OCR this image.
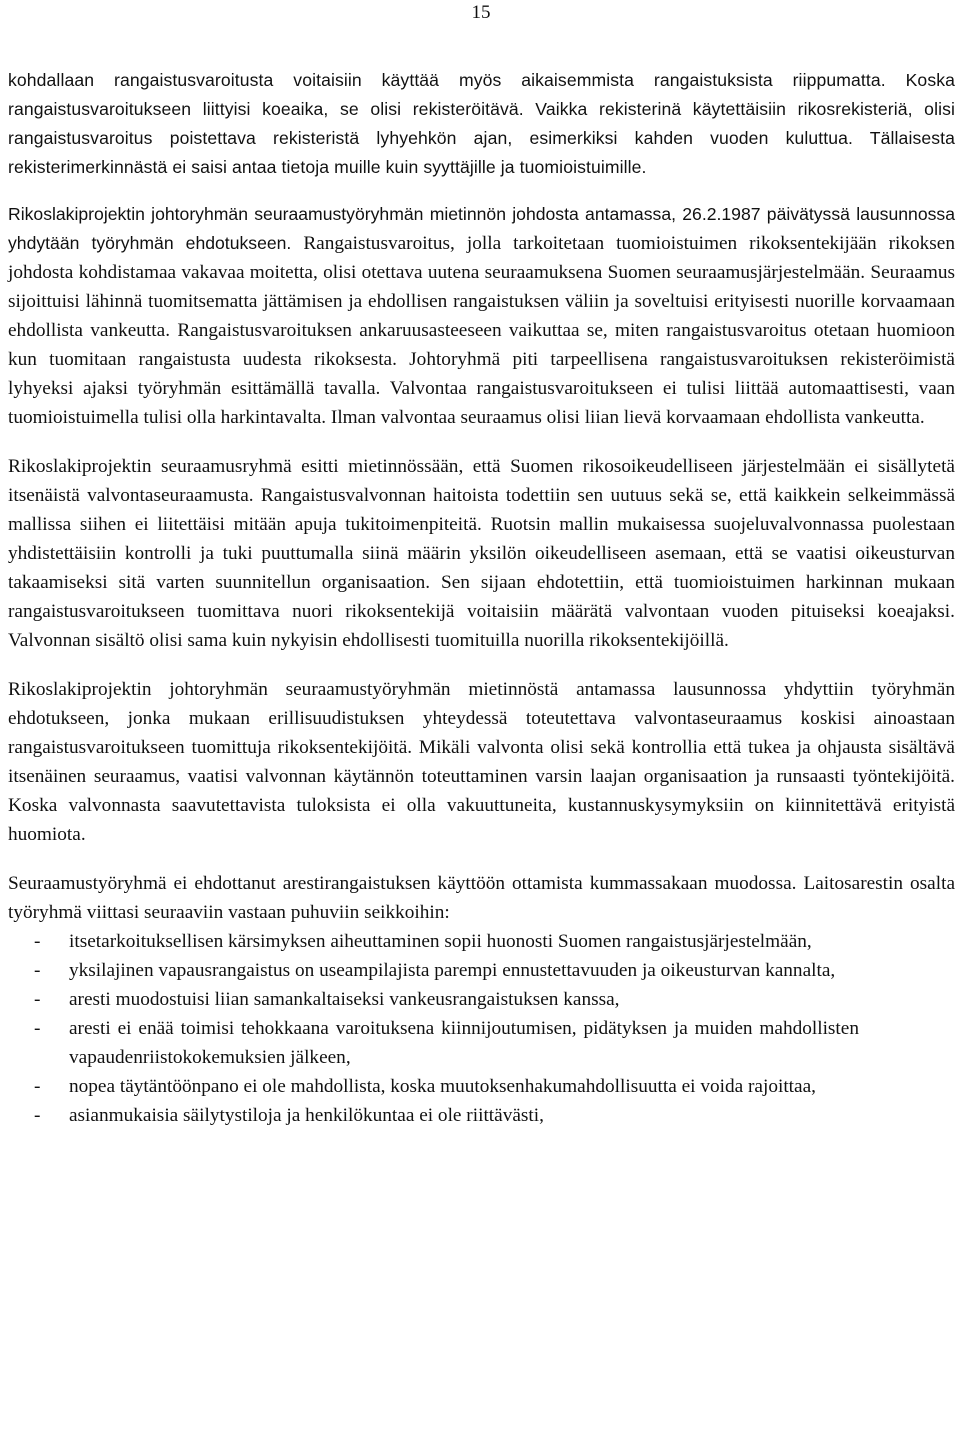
15

kohdallaan rangaistusvaroitusta voitaisiin käyttää myös aikaisemmista rangaistuksista riippumatta. Koska rangaistusvaroitukseen liittyisi koeaika, se olisi rekisteröitävä. Vaikka rekisterinä käytettäisiin rikosrekisteriä, olisi rangaistusvaroitus poistettava rekisteristä lyhyehkön ajan, esimerkiksi kahden vuoden kuluttua. Tällaisesta rekisterimerkinnästä ei saisi antaa tietoja muille kuin syyttäjille ja tuomioistuimille.

Rikoslakiprojektin johtoryhmän seuraamustyöryhmän mietinnön johdosta antamassa, 26.2.1987 päivätyssä lausunnossa yhdytään työryhmän ehdotukseen. Rangaistusvaroitus, jolla tarkoitetaan tuomioistuimen rikoksentekijään rikoksen johdosta kohdistamaa vakavaa moitetta, olisi otettava uutena seuraamuksena Suomen seuraamusjärjestelmään. Seuraamus sijoittuisi lähinnä tuomitsematta jättämisen ja ehdollisen rangaistuksen väliin ja soveltuisi erityisesti nuorille korvaamaan ehdollista vankeutta. Rangaistusvaroituksen ankaruusasteeseen vaikuttaa se, miten rangaistusvaroitus otetaan huomioon kun tuomitaan rangaistusta uudesta rikoksesta. Johtoryhmä piti tarpeellisena rangaistusvaroituksen rekisteröimistä lyhyeksi ajaksi työryhmän esittämällä tavalla. Valvontaa rangaistusvaroitukseen ei tulisi liittää automaattisesti, vaan tuomioistuimella tulisi olla harkintavalta. Ilman valvontaa seuraamus olisi liian lievä korvaamaan ehdollista vankeutta.

Rikoslakiprojektin seuraamusryhmä esitti mietinnössään, että Suomen rikosoikeudelliseen järjestelmään ei sisällytetä itsenäistä valvontaseuraamusta. Rangaistusvalvonnan haitoista todettiin sen uutuus sekä se, että kaikkein selkeimmässä mallissa siihen ei liitettäisi mitään apuja tukitoimenpiteitä. Ruotsin mallin mukaisessa suojeluvalvonnassa puolestaan yhdistettäisiin kontrolli ja tuki puuttumalla siinä määrin yksilön oikeudelliseen asemaan, että se vaatisi oikeusturvan takaamiseksi sitä varten suunnitellun organisaation. Sen sijaan ehdotettiin, että tuomioistuimen harkinnan mukaan rangaistusvaroitukseen tuomittava nuori rikoksentekijä voitaisiin määrätä valvontaan vuoden pituiseksi koeajaksi. Valvonnan sisältö olisi sama kuin nykyisin ehdollisesti tuomituilla nuorilla rikoksentekijöillä.

Rikoslakiprojektin johtoryhmän seuraamustyöryhmän mietinnöstä antamassa lausunnossa yhdyttiin työryhmän ehdotukseen, jonka mukaan erillisuudistuksen yhteydessä toteutettava valvontaseuraamus koskisi ainoastaan rangaistusvaroitukseen tuomittuja rikoksentekijöitä. Mikäli valvonta olisi sekä kontrollia että tukea ja ohjausta sisältävä itsenäinen seuraamus, vaatisi valvonnan käytännön toteuttaminen varsin laajan organisaation ja runsaasti työntekijöitä. Koska valvonnasta saavutettavista tuloksista ei olla vakuuttuneita, kustannuskysymyksiin on kiinnitettävä erityistä huomiota.

Seuraamustyöryhmä ei ehdottanut arestirangaistuksen käyttöön ottamista kummassakaan muodossa. Laitosarestin osalta työryhmä viittasi seuraaviin vastaan puhuviin seikkoihin:

- itsetarkoituksellisen kärsimyksen aiheuttaminen sopii huonosti Suomen rangaistusjärjestelmään,
- yksilajinen vapausrangaistus on useampilajista parempi ennustettavuuden ja oikeusturvan kannalta,
- aresti muodostuisi liian samankaltaiseksi vankeusrangaistuksen kanssa,
- aresti ei enää toimisi tehokkaana varoituksena kiinnijoutumisen, pidätyksen ja muiden mahdollisten vapaudenriistokokemuksien jälkeen,
- nopea täytäntöönpano ei ole mahdollista, koska muutoksenhakumahdollisuutta ei voida rajoittaa,
- asianmukaisia säilytystiloja ja henkilökuntaa ei ole riittävästi,
